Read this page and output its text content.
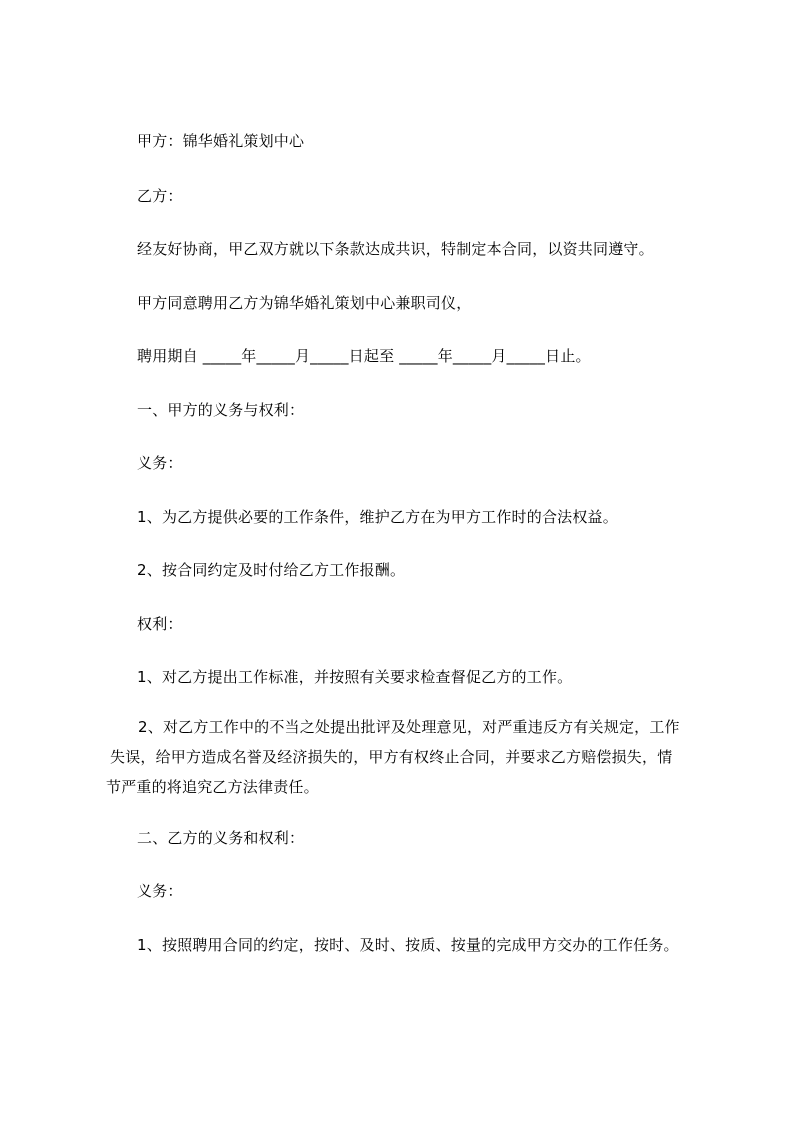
甲方：锦华婚礼策划中心
乙方：
经友好协商，甲乙双方就以下条款达成共识，特制定本合同，以资共同遵守。
甲方同意聘用乙方为锦华婚礼策划中心兼职司仪，
聘用期自 _____年_____月_____日起至 _____年_____月_____日止。
一、甲方的义务与权利：
义务：
1、为乙方提供必要的工作条件，维护乙方在为甲方工作时的合法权益。
2、按合同约定及时付给乙方工作报酬。
权利：
1、对乙方提出工作标准，并按照有关要求检查督促乙方的工作。
2、对乙方工作中的不当之处提出批评及处理意见，对严重违反方有关规定，工作
失误，给甲方造成名誉及经济损失的，甲方有权终止合同，并要求乙方赔偿损失，情
节严重的将追究乙方法律责任。
二、乙方的义务和权利：
义务：
1、按照聘用合同的约定，按时、及时、按质、按量的完成甲方交办的工作任务。
